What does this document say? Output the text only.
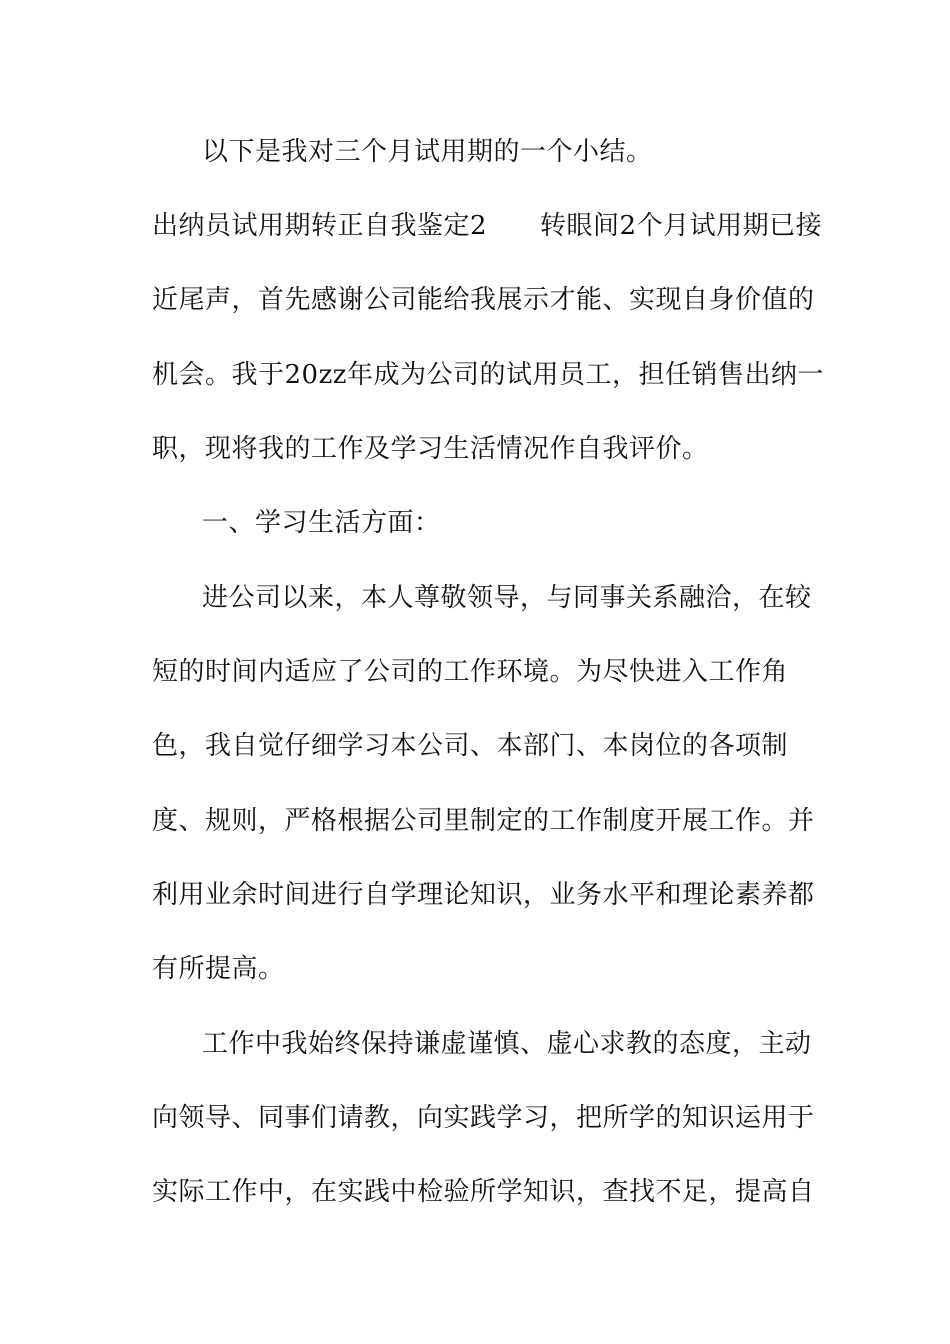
以下是我对三个月试用期的一个小结。
出纳员试用期转正自我鉴定2　　转眼间2个月试用期已接
近尾声，首先感谢公司能给我展示才能、实现自身价值的
机会。我于20zz年成为公司的试用员工，担任销售出纳一
职，现将我的工作及学习生活情况作自我评价。
一、学习生活方面：
进公司以来，本人尊敬领导，与同事关系融洽，在较
短的时间内适应了公司的工作环境。为尽快进入工作角
色，我自觉仔细学习本公司、本部门、本岗位的各项制
度、规则，严格根据公司里制定的工作制度开展工作。并
利用业余时间进行自学理论知识，业务水平和理论素养都
有所提高。
工作中我始终保持谦虚谨慎、虚心求教的态度，主动
向领导、同事们请教，向实践学习，把所学的知识运用于
实际工作中，在实践中检验所学知识，查找不足，提高自
